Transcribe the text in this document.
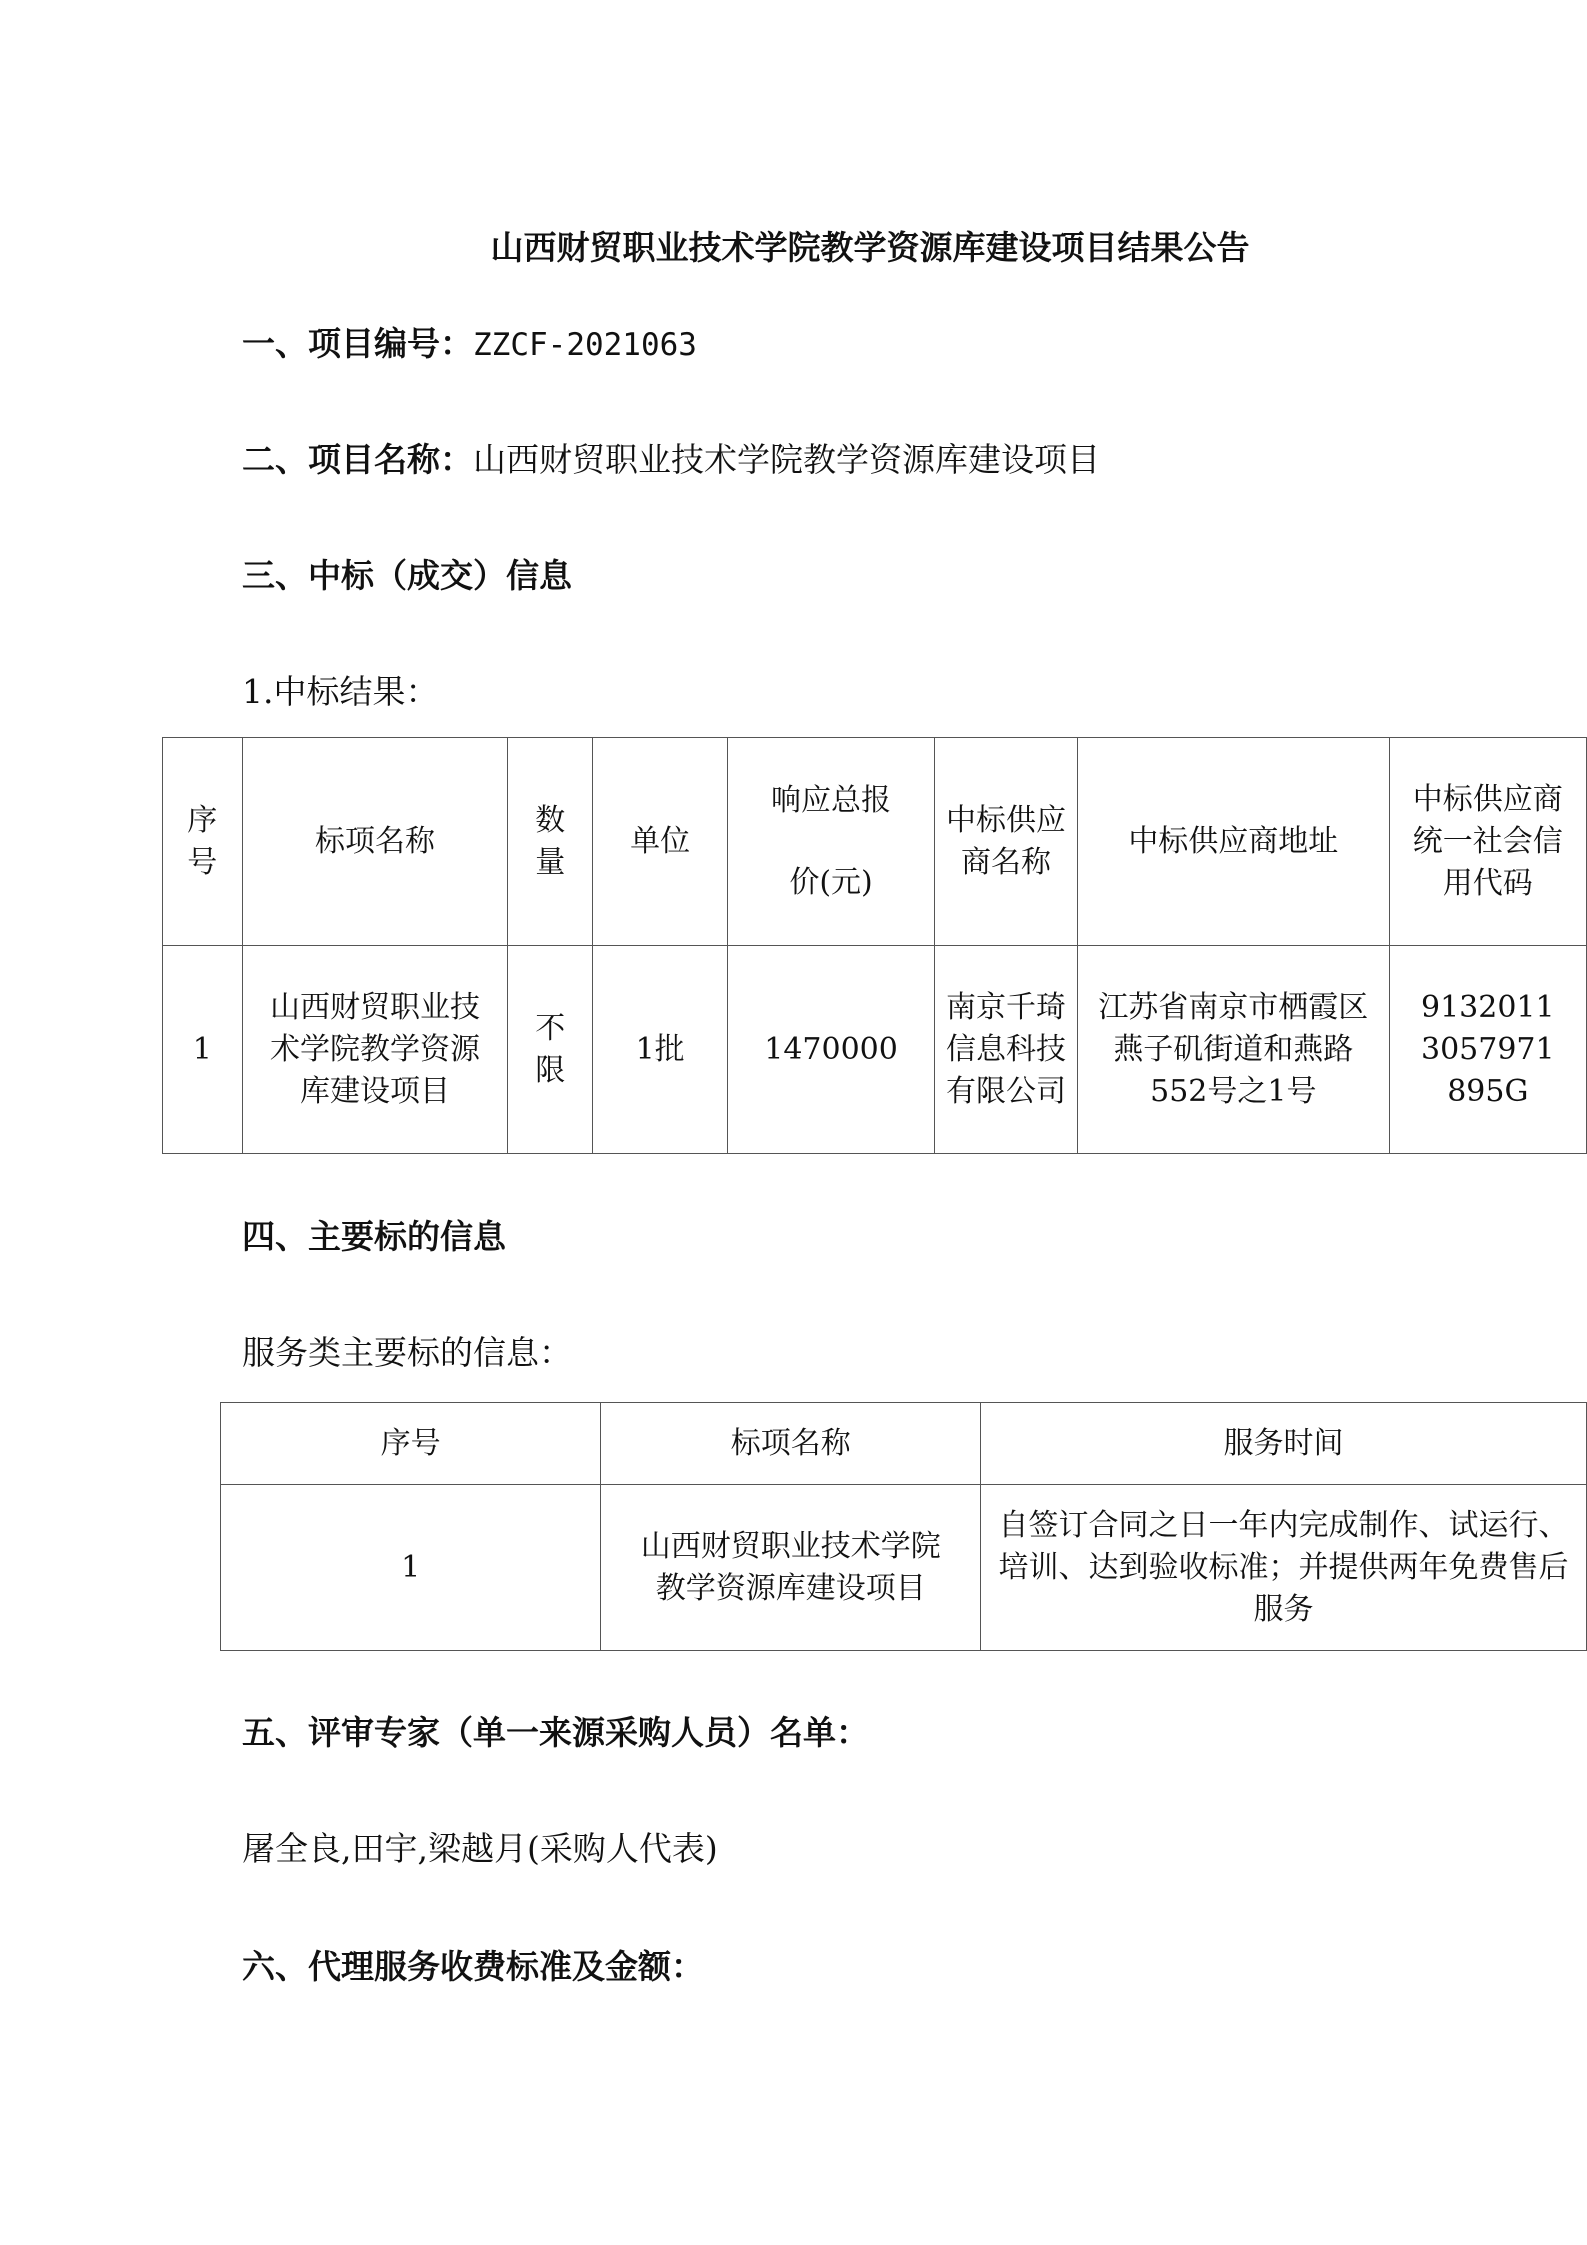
山西财贸职业技术学院教学资源库建设项目结果公告
一、项目编号：ZZCF-2021063
二、项目名称：山西财贸职业技术学院教学资源库建设项目
三、中标（成交）信息
1.中标结果：
序号	标项名称	数量	单位	响应总报价(元)	中标供应商名称	中标供应商地址	中标供应商统一社会信用代码
1	山西财贸职业技术学院教学资源库建设项目	不限	1批	1470000	南京千琦信息科技有限公司	江苏省南京市栖霞区燕子矶街道和燕路552号之1号	91320113057971895G
四、主要标的信息
服务类主要标的信息：
序号	标项名称	服务时间
1	山西财贸职业技术学院教学资源库建设项目	自签订合同之日一年内完成制作、试运行、培训、达到验收标准；并提供两年免费售后服务
五、评审专家（单一来源采购人员）名单：
屠全良,田宇,梁越月(采购人代表)
六、代理服务收费标准及金额：
